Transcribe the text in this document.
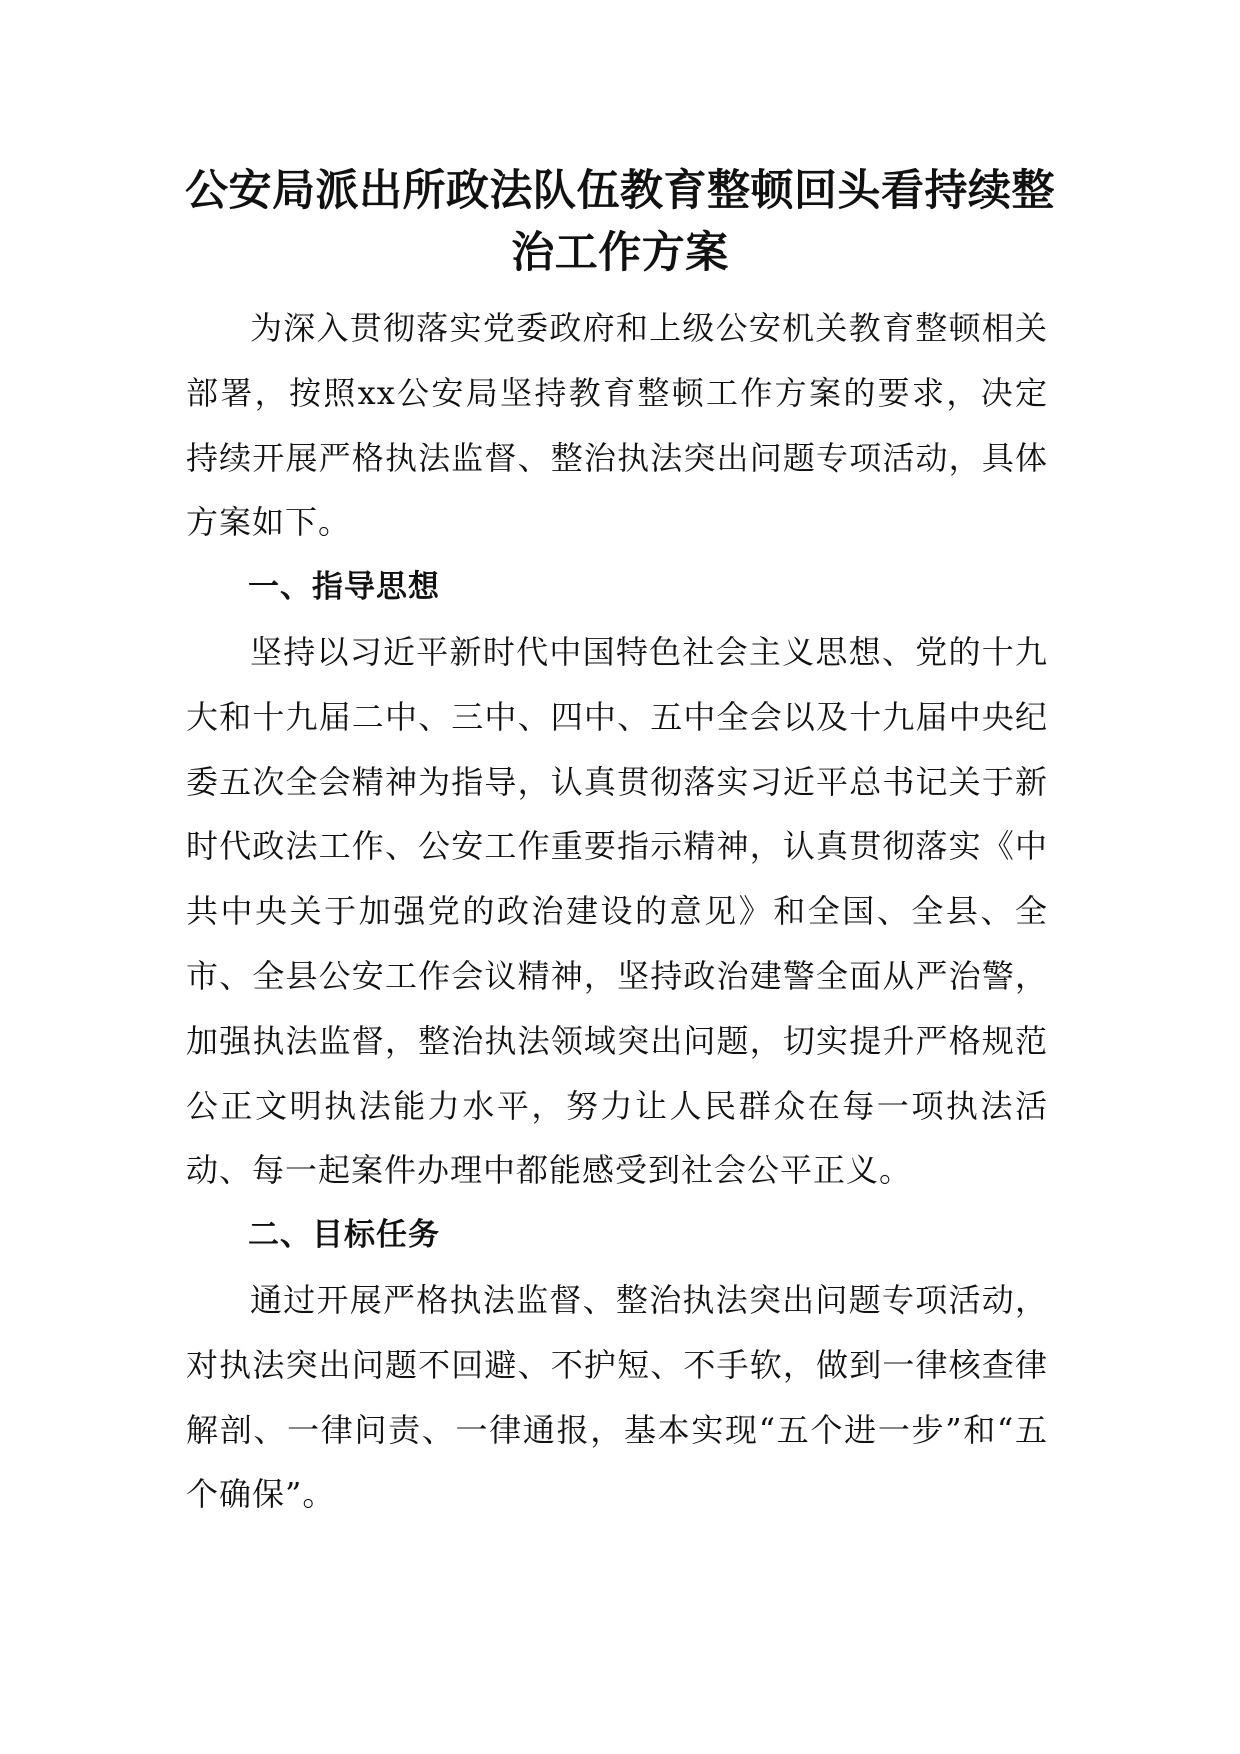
公安局派出所政法队伍教育整顿回头看持续整治工作方案

为深入贯彻落实党委政府和上级公安机关教育整顿相关部署，按照xx公安局坚持教育整顿工作方案的要求，决定持续开展严格执法监督、整治执法突出问题专项活动，具体方案如下。

一、指导思想

坚持以习近平新时代中国特色社会主义思想、党的十九大和十九届二中、三中、四中、五中全会以及十九届中央纪委五次全会精神为指导，认真贯彻落实习近平总书记关于新时代政法工作、公安工作重要指示精神，认真贯彻落实《中共中央关于加强党的政治建设的意见》和全国、全县、全市、全县公安工作会议精神，坚持政治建警全面从严治警，加强执法监督，整治执法领域突出问题，切实提升严格规范公正文明执法能力水平，努力让人民群众在每一项执法活动、每一起案件办理中都能感受到社会公平正义。

二、目标任务

通过开展严格执法监督、整治执法突出问题专项活动，对执法突出问题不回避、不护短、不手软，做到一律核查律解剖、一律问责、一律通报，基本实现“五个进一步”和“五个确保”。
